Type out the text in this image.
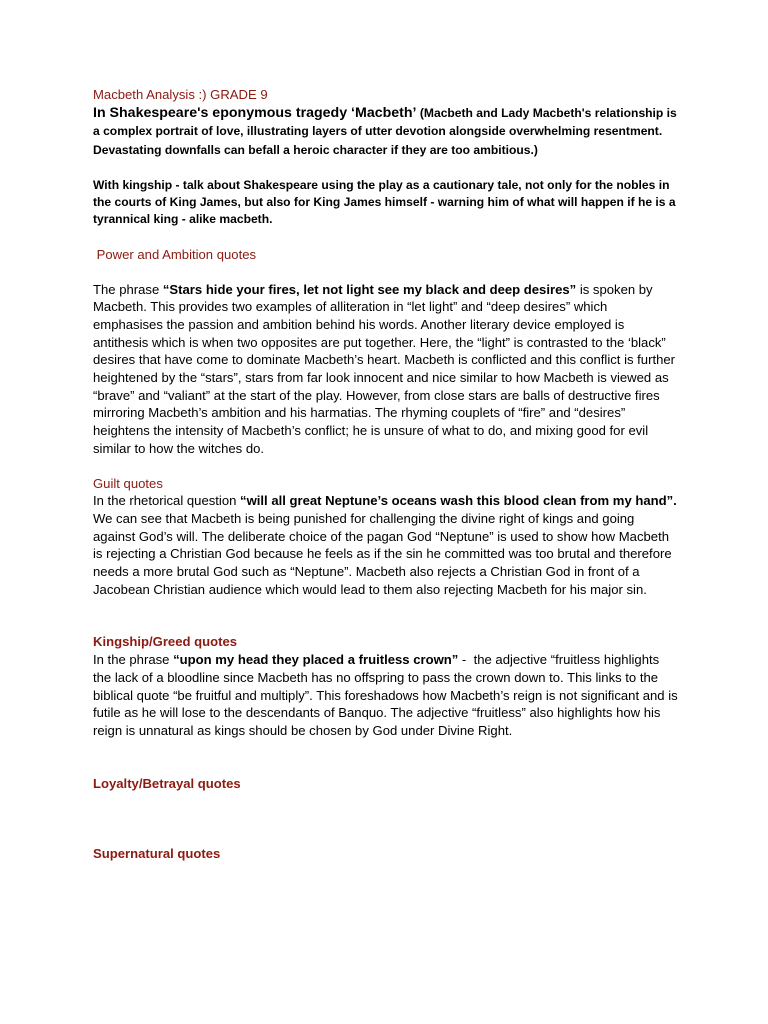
Macbeth Analysis :) GRADE 9

In Shakespeare's eponymous tragedy ‘Macbeth’ (Macbeth and Lady Macbeth's relationship is a complex portrait of love, illustrating layers of utter devotion alongside overwhelming resentment. Devastating downfalls can befall a heroic character if they are too ambitious.)

With kingship - talk about Shakespeare using the play as a cautionary tale, not only for the nobles in the courts of King James, but also for King James himself - warning him of what will happen if he is a tyrannical king - alike macbeth.

Power and Ambition quotes

The phrase “Stars hide your fires, let not light see my black and deep desires” is spoken by Macbeth. This provides two examples of alliteration in “let light” and “deep desires” which emphasises the passion and ambition behind his words. Another literary device employed is antithesis which is when two opposites are put together. Here, the “light” is contrasted to the ‘black” desires that have come to dominate Macbeth’s heart. Macbeth is conflicted and this conflict is further heightened by the “stars”, stars from far look innocent and nice similar to how Macbeth is viewed as “brave” and “valiant” at the start of the play. However, from close stars are balls of destructive fires mirroring Macbeth’s ambition and his harmatias. The rhyming couplets of “fire” and “desires” heightens the intensity of Macbeth’s conflict; he is unsure of what to do, and mixing good for evil similar to how the witches do.

Guilt quotes

In the rhetorical question “will all great Neptune’s oceans wash this blood clean from my hand”. We can see that Macbeth is being punished for challenging the divine right of kings and going against God’s will. The deliberate choice of the pagan God “Neptune” is used to show how Macbeth is rejecting a Christian God because he feels as if the sin he committed was too brutal and therefore needs a more brutal God such as “Neptune”. Macbeth also rejects a Christian God in front of a Jacobean Christian audience which would lead to them also rejecting Macbeth for his major sin.

Kingship/Greed quotes

In the phrase “upon my head they placed a fruitless crown” -  the adjective “fruitless highlights the lack of a bloodline since Macbeth has no offspring to pass the crown down to. This links to the biblical quote “be fruitful and multiply”. This foreshadows how Macbeth’s reign is not significant and is futile as he will lose to the descendants of Banquo. The adjective “fruitless” also highlights how his reign is unnatural as kings should be chosen by God under Divine Right.

Loyalty/Betrayal quotes
Supernatural quotes
